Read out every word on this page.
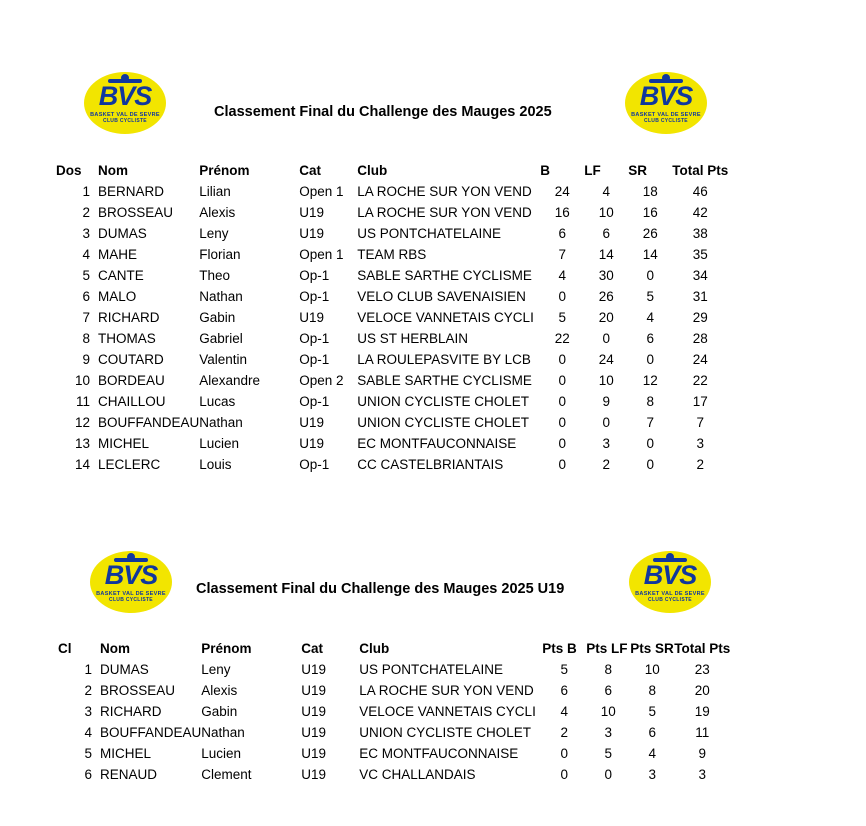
BVS
BASKET VAL DE SEVRE
CLUB CYCLISTE
BVS
BASKET VAL DE SEVRE
CLUB CYCLISTE
Classement Final du Challenge des Mauges 2025
Dos	Nom	Prénom	Cat	Club	B	LF	SR	Total Pts

1	BERNARD	Lilian	Open 1	LA ROCHE SUR YON VEND	24	4	18	46
2	BROSSEAU	Alexis	U19	LA ROCHE SUR YON VEND	16	10	16	42
3	DUMAS	Leny	U19	US PONTCHATELAINE	6	6	26	38
4	MAHE	Florian	Open 1	TEAM RBS	7	14	14	35
5	CANTE	Theo	Op-1	SABLE SARTHE CYCLISME	4	30	0	34
6	MALO	Nathan	Op-1	VELO CLUB SAVENAISIEN	0	26	5	31
7	RICHARD	Gabin	U19	VELOCE VANNETAIS CYCLI	5	20	4	29
8	THOMAS	Gabriel	Op-1	US ST HERBLAIN	22	0	6	28
9	COUTARD	Valentin	Op-1	LA ROULEPASVITE BY LCB	0	24	0	24
10	BORDEAU	Alexandre	Open 2	SABLE SARTHE CYCLISME	0	10	12	22
11	CHAILLOU	Lucas	Op-1	UNION CYCLISTE CHOLET	0	9	8	17
12	BOUFFANDEAU	Nathan	U19	UNION CYCLISTE CHOLET	0	0	7	7
13	MICHEL	Lucien	U19	EC MONTFAUCONNAISE	0	3	0	3
14	LECLERC	Louis	Op-1	CC CASTELBRIANTAIS	0	2	0	2
BVS
BASKET VAL DE SEVRE
CLUB CYCLISTE
BVS
BASKET VAL DE SEVRE
CLUB CYCLISTE
Classement Final du Challenge des Mauges 2025 U19
Cl	Nom	Prénom	Cat	Club	Pts B	Pts LF	Pts SR	Total Pts

1	DUMAS	Leny	U19	US PONTCHATELAINE	5	8	10	23
2	BROSSEAU	Alexis	U19	LA ROCHE SUR YON VEND	6	6	8	20
3	RICHARD	Gabin	U19	VELOCE VANNETAIS CYCLI	4	10	5	19
4	BOUFFANDEAU	Nathan	U19	UNION CYCLISTE CHOLET	2	3	6	11
5	MICHEL	Lucien	U19	EC MONTFAUCONNAISE	0	5	4	9
6	RENAUD	Clement	U19	VC CHALLANDAIS	0	0	3	3
